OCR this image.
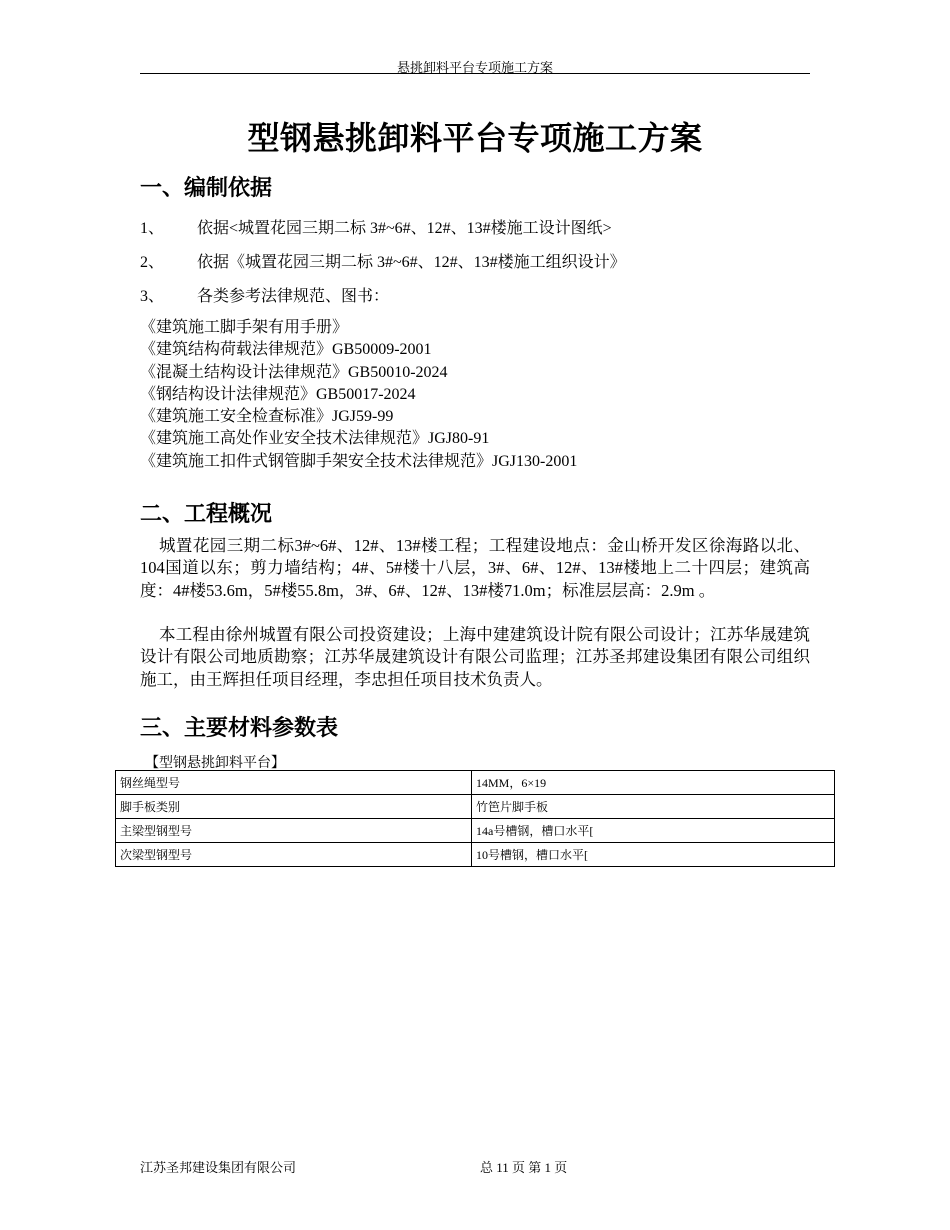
悬挑卸料平台专项施工方案
型钢悬挑卸料平台专项施工方案
一、编制依据
1、 依据<城置花园三期二标 3#~6#、12#、13#楼施工设计图纸>
2、 依据《城置花园三期二标 3#~6#、12#、13#楼施工组织设计》
3、 各类参考法律规范、图书：
《建筑施工脚手架有用手册》
《建筑结构荷载法律规范》GB50009-2001
《混凝土结构设计法律规范》GB50010-2024
《钢结构设计法律规范》GB50017-2024
《建筑施工安全检查标准》JGJ59-99
《建筑施工高处作业安全技术法律规范》JGJ80-91
《建筑施工扣件式钢管脚手架安全技术法律规范》JGJ130-2001
二、工程概况
城置花园三期二标3#~6#、12#、13#楼工程；工程建设地点：金山桥开发区徐海路以北、104国道以东；剪力墙结构；4#、5#楼十八层，3#、6#、12#、13#楼地上二十四层；建筑高度：4#楼53.6m，5#楼55.8m，3#、6#、12#、13#楼71.0m；标准层层高：2.9m 。
本工程由徐州城置有限公司投资建设；上海中建建筑设计院有限公司设计；江苏华晟建筑设计有限公司地质勘察；江苏华晟建筑设计有限公司监理；江苏圣邦建设集团有限公司组织施工，由王辉担任项目经理，李忠担任项目技术负责人。
三、主要材料参数表
【型钢悬挑卸料平台】
钢丝绳型号	14MM，6×19
脚手板类别	竹笆片脚手板
主梁型钢型号	14a号槽钢，槽口水平[
次梁型钢型号	10号槽钢，槽口水平[
江苏圣邦建设集团有限公司	总 11 页 第 1 页
